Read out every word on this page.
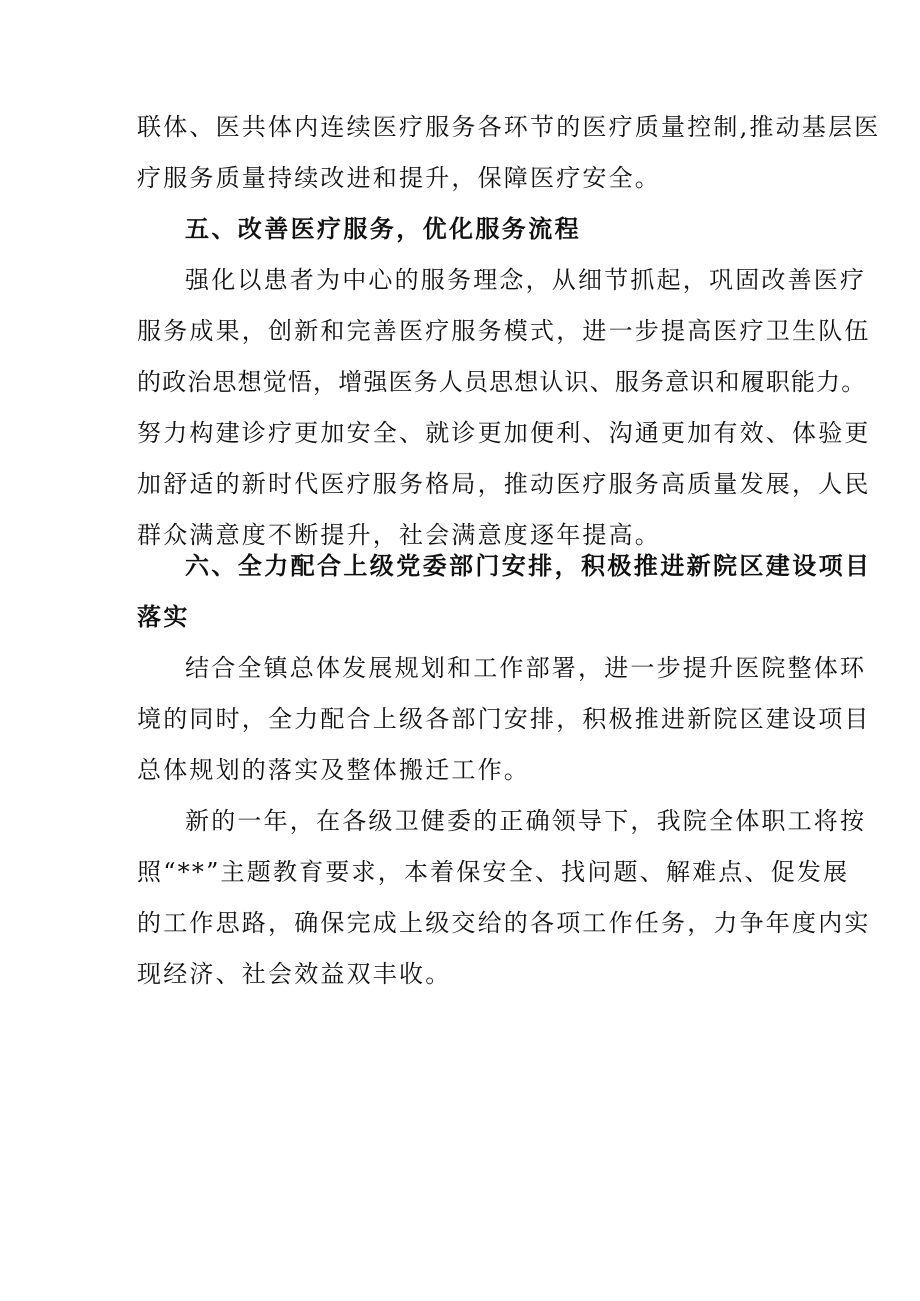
联体、医共体内连续医疗服务各环节的医疗质量控制,推动基层医
疗服务质量持续改进和提升，保障医疗安全。
五、改善医疗服务，优化服务流程
强化以患者为中心的服务理念，从细节抓起，巩固改善医疗
服务成果，创新和完善医疗服务模式，进一步提高医疗卫生队伍
的政治思想觉悟，增强医务人员思想认识、服务意识和履职能力。
努力构建诊疗更加安全、就诊更加便利、沟通更加有效、体验更
加舒适的新时代医疗服务格局，推动医疗服务高质量发展，人民
群众满意度不断提升，社会满意度逐年提高。
六、全力配合上级党委部门安排，积极推进新院区建设项目
落实
结合全镇总体发展规划和工作部署，进一步提升医院整体环
境的同时，全力配合上级各部门安排，积极推进新院区建设项目
总体规划的落实及整体搬迁工作。
新的一年，在各级卫健委的正确领导下，我院全体职工将按
照“**”主题教育要求，本着保安全、找问题、解难点、促发展
的工作思路，确保完成上级交给的各项工作任务，力争年度内实
现经济、社会效益双丰收。
